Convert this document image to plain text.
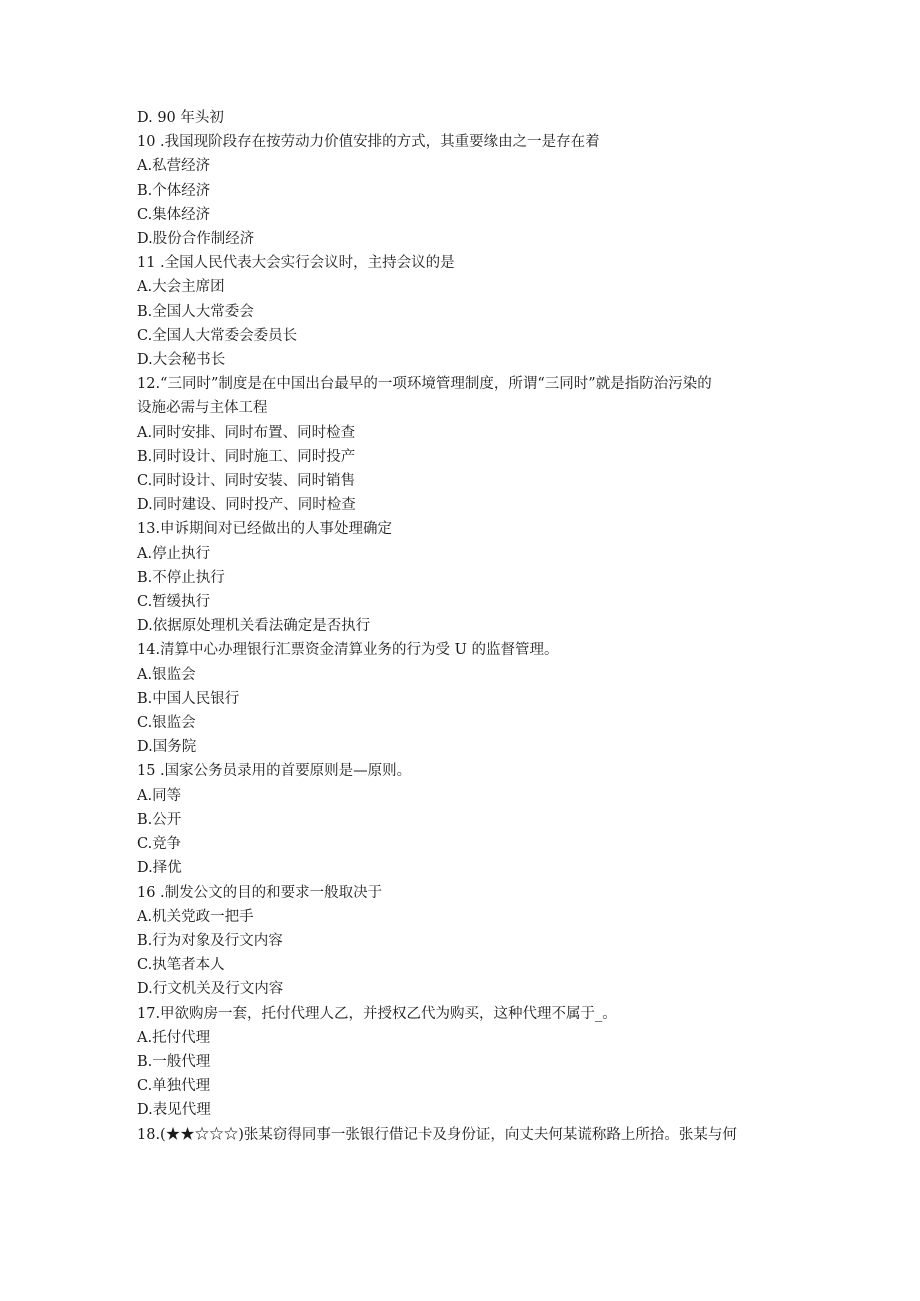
D. 90 年头初

10 .我国现阶段存在按劳动力价值安排的方式，其重要缘由之一是存在着

A.私营经济

B.个体经济

C.集体经济

D.股份合作制经济

11 .全国人民代表大会实行会议时，主持会议的是

A.大会主席团

B.全国人大常委会

C.全国人大常委会委员长

D.大会秘书长

12.“三同时”制度是在中国出台最早的一项环境管理制度，所谓“三同时”就是指防治污染的

设施必需与主体工程

A.同时安排、同时布置、同时检查

B.同时设计、同时施工、同时投产

C.同时设计、同时安装、同时销售

D.同时建设、同时投产、同时检查

13.申诉期间对已经做出的人事处理确定

A.停止执行

B.不停止执行

C.暂缓执行

D.依据原处理机关看法确定是否执行

14.清算中心办理银行汇票资金清算业务的行为受 U 的监督管理。

A.银监会

B.中国人民银行

C.银监会

D.国务院

15 .国家公务员录用的首要原则是—原则。

A.同等

B.公开

C.竞争

D.择优

16 .制发公文的目的和要求一般取决于

A.机关党政一把手

B.行为对象及行文内容

C.执笔者本人

D.行文机关及行文内容

17.甲欲购房一套，托付代理人乙，并授权乙代为购买，这种代理不属于_。

A.托付代理

B.一般代理

C.单独代理

D.表见代理

18.(★★☆☆☆)张某窃得同事一张银行借记卡及身份证，向丈夫何某谎称路上所拾。张某与何
